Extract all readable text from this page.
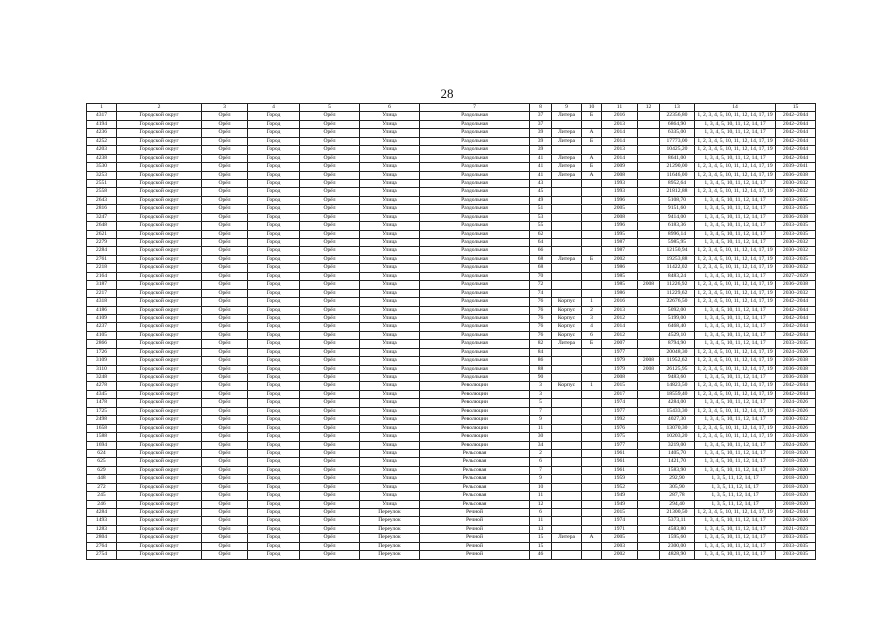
28
1	2	3	4	5	6	7	8	9	10	11	12	13	14	15
4317	Городской округ	Орёл	Город	Орёл	Улица	Раздольная	37	Литера	Б	2016		22356,80	1, 2, 3, 4, 5, 10, 11, 12, 14, 17, 19	2042–2044
4194	Городской округ	Орёл	Город	Орёл	Улица	Раздольная	37			2013		6864,90	1, 3, 4, 5, 10, 11, 12, 14, 17	2042–2044
4236	Городской округ	Орёл	Город	Орёл	Улица	Раздольная	39	Литера	А	2014		6335,00	1, 3, 4, 5, 10, 11, 12, 14, 17	2042–2044
4252	Городской округ	Орёл	Город	Орёл	Улица	Раздольная	39	Литера	Б	2014		17773,00	1, 2, 3, 4, 5, 10, 11, 12, 14, 17, 19	2042–2044
4203	Городской округ	Орёл	Город	Орёл	Улица	Раздольная	39			2013		10425,20	1, 2, 3, 4, 5, 10, 11, 12, 14, 17, 19	2042–2044
4238	Городской округ	Орёл	Город	Орёл	Улица	Раздольная	41	Литера	А	2014		8641,00	1, 3, 4, 5, 10, 11, 12, 14, 17	2042–2044
3530	Городской округ	Орёл	Город	Орёл	Улица	Раздольная	41	Литера	Б	2009		21290,00	1, 2, 3, 4, 5, 10, 11, 12, 14, 17, 19	2039–2041
3253	Городской округ	Орёл	Город	Орёл	Улица	Раздольная	41	Литера	А	2008		11646,00	1, 2, 3, 4, 5, 10, 11, 12, 14, 17, 19	2036–2038
2551	Городской округ	Орёл	Город	Орёл	Улица	Раздольная	43			1993		8952,64	1, 3, 4, 5, 10, 11, 12, 14, 17	2030–2032
2558	Городской округ	Орёл	Город	Орёл	Улица	Раздольная	45			1993		21812,88	1, 2, 3, 4, 5, 10, 11, 12, 14, 17, 19	2030–2032
2643	Городской округ	Орёл	Город	Орёл	Улица	Раздольная	49			1996		5108,70	1, 3, 4, 5, 10, 11, 12, 14, 17	2033–2035
2816	Городской округ	Орёл	Город	Орёл	Улица	Раздольная	51			2005		9151,60	1, 3, 4, 5, 10, 11, 12, 14, 17	2033–2035
3247	Городской округ	Орёл	Город	Орёл	Улица	Раздольная	53			2008		9414,00	1, 3, 4, 5, 10, 11, 12, 14, 17	2036–2038
2648	Городской округ	Орёл	Город	Орёл	Улица	Раздольная	55			1996		6183,36	1, 3, 4, 5, 10, 11, 12, 14, 17	2033–2035
2621	Городской округ	Орёл	Город	Орёл	Улица	Раздольная	62			1995		8996,14	1, 3, 4, 5, 10, 11, 12, 14, 17	2033–2035
2279	Городской округ	Орёл	Город	Орёл	Улица	Раздольная	64			1987		5985,95	1, 3, 4, 5, 10, 11, 12, 14, 17	2030–2032
2284	Городской округ	Орёл	Город	Орёл	Улица	Раздольная	66			1987		12150,94	1, 2, 3, 4, 5, 10, 11, 12, 14, 17, 19	2030–2032
2761	Городской округ	Орёл	Город	Орёл	Улица	Раздольная	68	Литера	Б	2002		19253,88	1, 2, 3, 4, 5, 10, 11, 12, 14, 17, 19	2033–2035
2218	Городской округ	Орёл	Город	Орёл	Улица	Раздольная	68			1986		11422,02	1, 2, 3, 4, 5, 10, 11, 12, 14, 17, 19	2030–2032
2164	Городской округ	Орёл	Город	Орёл	Улица	Раздольная	70			1985		8483,24	1, 3, 4, 5, 10, 11, 12, 14, 17	2027–2029
3187	Городской округ	Орёл	Город	Орёл	Улица	Раздольная	72			1985	2008	11226,92	1, 2, 3, 4, 5, 10, 11, 12, 14, 17, 19	2036–2038
2217	Городской округ	Орёл	Город	Орёл	Улица	Раздольная	74			1986		11229,62	1, 2, 3, 4, 5, 10, 11, 12, 14, 17, 19	2030–2032
4318	Городской округ	Орёл	Город	Орёл	Улица	Раздольная	76	Корпус	1	2016		22676,50	1, 2, 3, 4, 5, 10, 11, 12, 14, 17, 19	2042–2044
4186	Городской округ	Орёл	Город	Орёл	Улица	Раздольная	76	Корпус	2	2013		5092,00	1, 3, 4, 5, 10, 11, 12, 14, 17	2042–2044
4109	Городской округ	Орёл	Город	Орёл	Улица	Раздольная	76	Корпус	3	2012		5199,00	1, 3, 4, 5, 10, 11, 12, 14, 17	2042–2044
4237	Городской округ	Орёл	Город	Орёл	Улица	Раздольная	76	Корпус	4	2014		6468,40	1, 3, 4, 5, 10, 11, 12, 14, 17	2042–2044
4105	Городской округ	Орёл	Город	Орёл	Улица	Раздольная	76	Корпус	6	2012		4529,10	1, 3, 4, 5, 10, 11, 12, 14, 17	2042–2044
2866	Городской округ	Орёл	Город	Орёл	Улица	Раздольная	82	Литера	Б	2007		8794,90	1, 3, 4, 5, 10, 11, 12, 14, 17	2033–2035
1726	Городской округ	Орёл	Город	Орёл	Улица	Раздольная	84			1977		20048,30	1, 2, 3, 4, 5, 10, 11, 12, 14, 17, 19	2024–2026
3109	Городской округ	Орёл	Город	Орёл	Улица	Раздольная	86			1979	2008	11952,62	1, 2, 3, 4, 5, 10, 11, 12, 14, 17, 19	2036–2038
3110	Городской округ	Орёл	Город	Орёл	Улица	Раздольная	88			1979	2008	26125,95	1, 2, 3, 4, 5, 10, 11, 12, 14, 17, 19	2036–2038
3248	Городской округ	Орёл	Город	Орёл	Улица	Раздольная	90			2008		9483,60	1, 3, 4, 5, 10, 11, 12, 14, 17	2036–2038
4278	Городской округ	Орёл	Город	Орёл	Улица	Революции	3	Корпус	1	2015		14823,50	1, 2, 3, 4, 5, 10, 11, 12, 14, 17, 19	2042–2044
4345	Городской округ	Орёл	Город	Орёл	Улица	Революции	3			2017		18559,40	1, 2, 3, 4, 5, 10, 11, 12, 14, 17, 19	2042–2044
1478	Городской округ	Орёл	Город	Орёл	Улица	Революции	5			1974		4284,00	1, 3, 4, 5, 10, 11, 12, 14, 17	2024–2026
1725	Городской округ	Орёл	Город	Орёл	Улица	Революции	7			1977		15433,30	1, 2, 3, 4, 5, 10, 11, 12, 14, 17, 19	2024–2026
2498	Городской округ	Орёл	Город	Орёл	Улица	Революции	9			1992		4027,30	1, 3, 4, 5, 10, 11, 12, 14, 17	2030–2032
1658	Городской округ	Орёл	Город	Орёл	Улица	Революции	11			1976		13070,30	1, 2, 3, 4, 5, 10, 11, 12, 14, 17, 19	2024–2026
1588	Городской округ	Орёл	Город	Орёл	Улица	Революции	30			1975		10203,20	1, 2, 3, 4, 5, 10, 11, 12, 14, 17, 19	2024–2026
1694	Городской округ	Орёл	Город	Орёл	Улица	Революции	34			1977		3219,00	1, 3, 4, 5, 10, 11, 12, 14, 17	2024–2026
624	Городской округ	Орёл	Город	Орёл	Улица	Рельсовая	2			1961		1405,70	1, 3, 4, 5, 10, 11, 12, 14, 17	2018–2020
625	Городской округ	Орёл	Город	Орёл	Улица	Рельсовая	6			1961		1421,70	1, 3, 4, 5, 10, 11, 12, 14, 17	2018–2020
629	Городской округ	Орёл	Город	Орёл	Улица	Рельсовая	7			1961		1583,90	1, 3, 4, 5, 10, 11, 12, 14, 17	2018–2020
448	Городской округ	Орёл	Город	Орёл	Улица	Рельсовая	9			1959		292,90	1, 3, 5, 11, 12, 14, 17	2018–2020
272	Городской округ	Орёл	Город	Орёл	Улица	Рельсовая	10			1952		305,90	1, 3, 5, 11, 12, 14, 17	2018–2020
245	Городской округ	Орёл	Город	Орёл	Улица	Рельсовая	11			1949		287,78	1, 3, 5, 11, 12, 14, 17	2018–2020
246	Городской округ	Орёл	Город	Орёл	Улица	Рельсовая	12			1949		294,40	1, 3, 5, 11, 12, 14, 17	2018–2020
4284	Городской округ	Орёл	Город	Орёл	Переулок	Речной	6			2015		21300,50	1, 2, 3, 4, 5, 10, 11, 12, 14, 17, 19	2042–2044
1493	Городской округ	Орёл	Город	Орёл	Переулок	Речной	11			1974		5373,11	1, 3, 4, 5, 10, 11, 12, 14, 17	2024–2026
1283	Городской округ	Орёл	Город	Орёл	Переулок	Речной	13			1971		4583,80	1, 3, 4, 5, 10, 11, 12, 14, 17	2021–2023
2804	Городской округ	Орёл	Город	Орёл	Переулок	Речной	15	Литера	А	2005		1595,60	1, 3, 4, 5, 10, 11, 12, 14, 17	2033–2035
2764	Городской округ	Орёл	Город	Орёл	Переулок	Речной	15			2003		2300,00	1, 3, 4, 5, 10, 11, 12, 14, 17	2033–2035
2754	Городской округ	Орёл	Город	Орёл	Переулок	Речной	46			2002		4828,90	1, 3, 4, 5, 10, 11, 12, 14, 17	2033–2035
